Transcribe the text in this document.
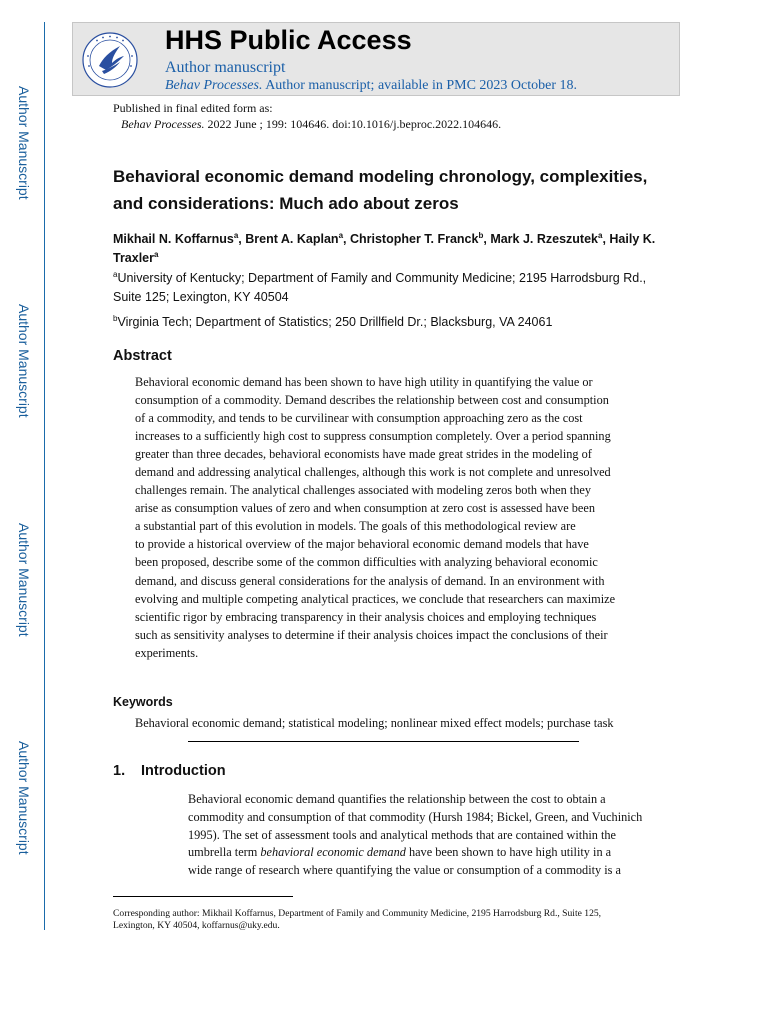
Author Manuscript
Author Manuscript
Author Manuscript
Author Manuscript
HHS Public Access
Author manuscript
Behav Processes. Author manuscript; available in PMC 2023 October 18.
Published in final edited form as:
Behav Processes. 2022 June ; 199: 104646. doi:10.1016/j.beproc.2022.104646.
Behavioral economic demand modeling chronology, complexities, and considerations: Much ado about zeros
Mikhail N. Koffarnus$^a$, Brent A. Kaplan$^a$, Christopher T. Franck$^b$, Mark J. Rzeszutek$^a$, Haily K. Traxler$^a$
$^a$University of Kentucky; Department of Family and Community Medicine; 2195 Harrodsburg Rd., Suite 125; Lexington, KY 40504
$^b$Virginia Tech; Department of Statistics; 250 Drillfield Dr.; Blacksburg, VA 24061
Abstract
Behavioral economic demand has been shown to have high utility in quantifying the value or
consumption of a commodity. Demand describes the relationship between cost and consumption
of a commodity, and tends to be curvilinear with consumption approaching zero as the cost
increases to a sufficiently high cost to suppress consumption completely. Over a period spanning
greater than three decades, behavioral economists have made great strides in the modeling of
demand and addressing analytical challenges, although this work is not complete and unresolved
challenges remain. The analytical challenges associated with modeling zeros both when they
arise as consumption values of zero and when consumption at zero cost is assessed have been
a substantial part of this evolution in models. The goals of this methodological review are
to provide a historical overview of the major behavioral economic demand models that have
been proposed, describe some of the common difficulties with analyzing behavioral economic
demand, and discuss general considerations for the analysis of demand. In an environment with
evolving and multiple competing analytical practices, we conclude that researchers can maximize
scientific rigor by embracing transparency in their analysis choices and employing techniques
such as sensitivity analyses to determine if their analysis choices impact the conclusions of their
experiments.
Keywords
Behavioral economic demand; statistical modeling; nonlinear mixed effect models; purchase task
1. Introduction
Behavioral economic demand quantifies the relationship between the cost to obtain a
commodity and consumption of that commodity (Hursh 1984; Bickel, Green, and Vuchinich
1995). The set of assessment tools and analytical methods that are contained within the
umbrella term behavioral economic demand have been shown to have high utility in a
wide range of research where quantifying the value or consumption of a commodity is a
Corresponding author: Mikhail Koffarnus, Department of Family and Community Medicine, 2195 Harrodsburg Rd., Suite 125,
Lexington, KY 40504, koffarnus@uky.edu.
